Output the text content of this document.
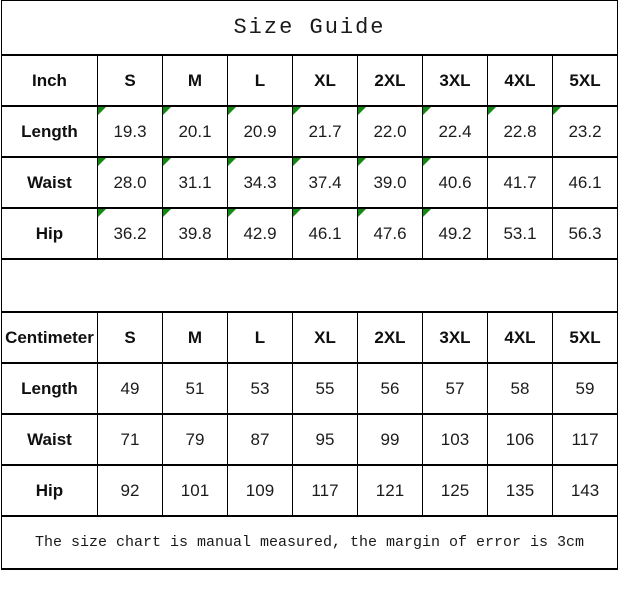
Size Guide								
Inch	S	M	L	XL	2XL	3XL	4XL	5XL
Length	19.3	20.1	20.9	21.7	22.0	22.4	22.8	23.2

Waist	28.0	31.1	34.3	37.4	39.0	40.6	41.7	46.1
Hip	36.2	39.8	42.9	46.1	47.6	49.2	53.1	56.3

Centimeter	S	M	L	XL	2XL	3XL	4XL	5XL
Length	49	51	53	55	56	57	58	59
Waist	71	79	87	95	99	103	106	117
Hip	92	101	109	117	121	125	135	143
The size chart is manual measured, the margin of error is 3cm								
